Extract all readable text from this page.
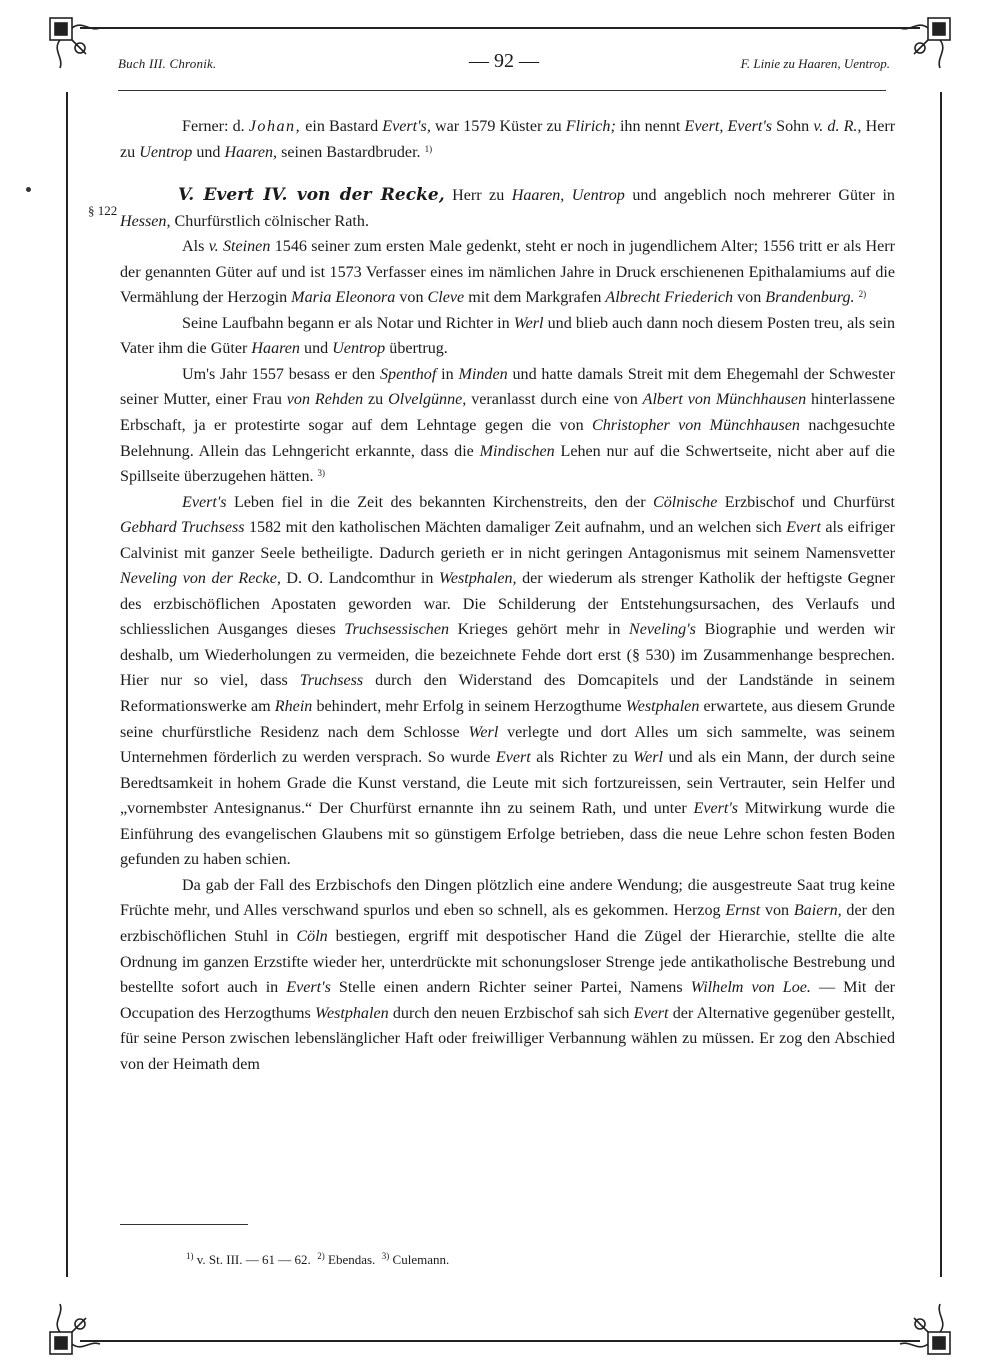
Buch III. Chronik.	— 92 —	F. Linie zu Haaren, Uentrop.
§ 122

Ferner: d. Johan, ein Bastard Evert's, war 1579 Küster zu Flirich; ihn nennt Evert, Evert's Sohn v. d. R., Herr zu Uentrop und Haaren, seinen Bastardbruder. $^{1)}$

V. Evert IV. von der Recke, Herr zu Haaren, Uentrop und angeblich noch mehrerer Güter in Hessen, Churfürstlich cölnischer Rath.

Als v. Steinen 1546 seiner zum ersten Male gedenkt, steht er noch in jugendlichem Alter; 1556 tritt er als Herr der genannten Güter auf und ist 1573 Verfasser eines im nämlichen Jahre in Druck erschienenen Epithalamiums auf die Vermählung der Herzogin Maria Eleonora von Cleve mit dem Markgrafen Albrecht Friederich von Brandenburg. $^{2)}$

Seine Laufbahn begann er als Notar und Richter in Werl und blieb auch dann noch diesem Posten treu, als sein Vater ihm die Güter Haaren und Uentrop übertrug.

Um's Jahr 1557 besass er den Spenthof in Minden und hatte damals Streit mit dem Ehegemahl der Schwester seiner Mutter, einer Frau von Rehden zu Olvelgünne, veranlasst durch eine von Albert von Münchhausen hinterlassene Erbschaft, ja er protestirte sogar auf dem Lehntage gegen die von Christopher von Münchhausen nachgesuchte Belehnung. Allein das Lehngericht erkannte, dass die Mindischen Lehen nur auf die Schwertseite, nicht aber auf die Spillseite überzugehen hätten. $^{3)}$

Evert's Leben fiel in die Zeit des bekannten Kirchenstreits, den der Cölnische Erzbischof und Churfürst Gebhard Truchsess 1582 mit den katholischen Mächten damaliger Zeit aufnahm, und an welchen sich Evert als eifriger Calvinist mit ganzer Seele betheiligte. Dadurch gerieth er in nicht geringen Antagonismus mit seinem Namensvetter Neveling von der Recke, D. O. Landcomthur in Westphalen, der wiederum als strenger Katholik der heftigste Gegner des erzbischöflichen Apostaten geworden war. Die Schilderung der Entstehungsursachen, des Verlaufs und schliesslichen Ausganges dieses Truchsessischen Krieges gehört mehr in Neveling's Biographie und werden wir deshalb, um Wiederholungen zu vermeiden, die bezeichnete Fehde dort erst (§ 530) im Zusammenhange besprechen. Hier nur so viel, dass Truchsess durch den Widerstand des Domcapitels und der Landstände in seinem Reformationswerke am Rhein behindert, mehr Erfolg in seinem Herzogthume Westphalen erwartete, aus diesem Grunde seine churfürstliche Residenz nach dem Schlosse Werl verlegte und dort Alles um sich sammelte, was seinem Unternehmen förderlich zu werden versprach. So wurde Evert als Richter zu Werl und als ein Mann, der durch seine Beredtsamkeit in hohem Grade die Kunst verstand, die Leute mit sich fortzureissen, sein Vertrauter, sein Helfer und „vornembster Antesignanus.“ Der Churfürst ernannte ihn zu seinem Rath, und unter Evert's Mitwirkung wurde die Einführung des evangelischen Glaubens mit so günstigem Erfolge betrieben, dass die neue Lehre schon festen Boden gefunden zu haben schien.

Da gab der Fall des Erzbischofs den Dingen plötzlich eine andere Wendung; die ausgestreute Saat trug keine Früchte mehr, und Alles verschwand spurlos und eben so schnell, als es gekommen. Herzog Ernst von Baiern, der den erzbischöflichen Stuhl in Cöln bestiegen, ergriff mit despotischer Hand die Zügel der Hierarchie, stellte die alte Ordnung im ganzen Erzstifte wieder her, unterdrückte mit schonungsloser Strenge jede antikatholische Bestrebung und bestellte sofort auch in Evert's Stelle einen andern Richter seiner Partei, Namens Wilhelm von Loe. — Mit der Occupation des Herzogthums Westphalen durch den neuen Erzbischof sah sich Evert der Alternative gegenüber gestellt, für seine Person zwischen lebenslänglicher Haft oder freiwilliger Verbannung wählen zu müssen. Er zog den Abschied von der Heimath dem

$^{1)}$ v. St. III. — 61 — 62. $^{2)}$ Ebendas. $^{3)}$ Culemann.
